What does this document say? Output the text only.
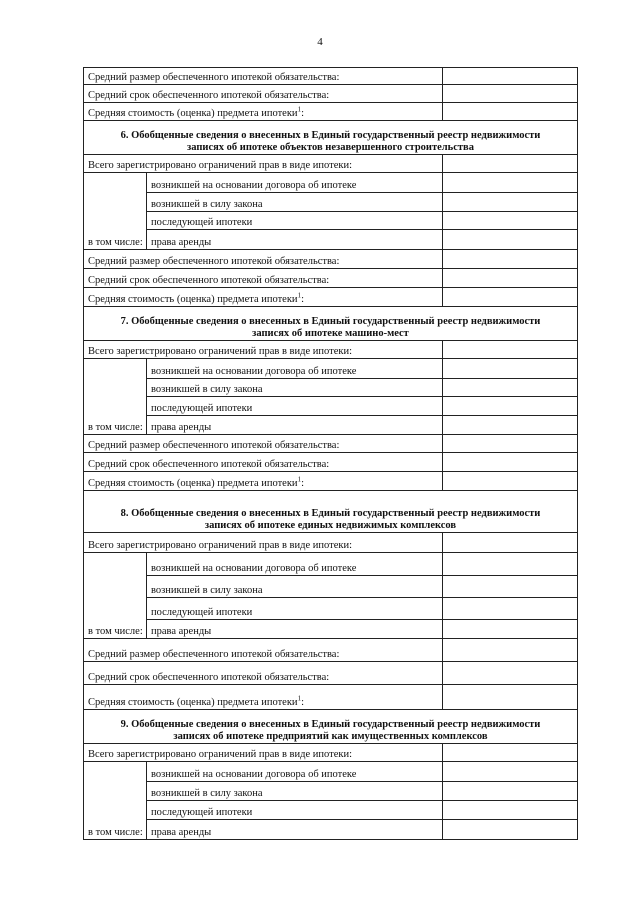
4
Средний размер обеспеченного ипотекой обязательства:		
Средний срок обеспеченного ипотекой обязательства:		
Средняя стоимость (оценка) предмета ипотеки$^1$:		
6. Обобщенные сведения о внесенных в Единый государственный реестр недвижимости
записях об ипотеке объектов незавершенного строительства		
Всего зарегистрировано ограничений прав в виде ипотеки:		
в том числе:	возникшей на основании договора об ипотеке	
	возникшей в силу закона	
	последующей ипотеки	
	права аренды	
Средний размер обеспеченного ипотекой обязательства:		
Средний срок обеспеченного ипотекой обязательства:		
Средняя стоимость (оценка) предмета ипотеки$^1$:		
7. Обобщенные сведения о внесенных в Единый государственный реестр недвижимости
записях об ипотеке машино-мест		
Всего зарегистрировано ограничений прав в виде ипотеки:		
в том числе:	возникшей на основании договора об ипотеке	
	возникшей в силу закона	
	последующей ипотеки	
	права аренды	
Средний размер обеспеченного ипотекой обязательства:		
Средний срок обеспеченного ипотекой обязательства:		
Средняя стоимость (оценка) предмета ипотеки$^1$:		
8. Обобщенные сведения о внесенных в Единый государственный реестр недвижимости
записях об ипотеке единых недвижимых комплексов		
Всего зарегистрировано ограничений прав в виде ипотеки:		
в том числе:	возникшей на основании договора об ипотеке	
	возникшей в силу закона	
	последующей ипотеки	
	права аренды	
Средний размер обеспеченного ипотекой обязательства:		
Средний срок обеспеченного ипотекой обязательства:		
Средняя стоимость (оценка) предмета ипотеки$^1$:		
9. Обобщенные сведения о внесенных в Единый государственный реестр недвижимости
записях об ипотеке предприятий как имущественных комплексов		
Всего зарегистрировано ограничений прав в виде ипотеки:		
в том числе:	возникшей на основании договора об ипотеке	
	возникшей в силу закона	
	последующей ипотеки	
	права аренды	
